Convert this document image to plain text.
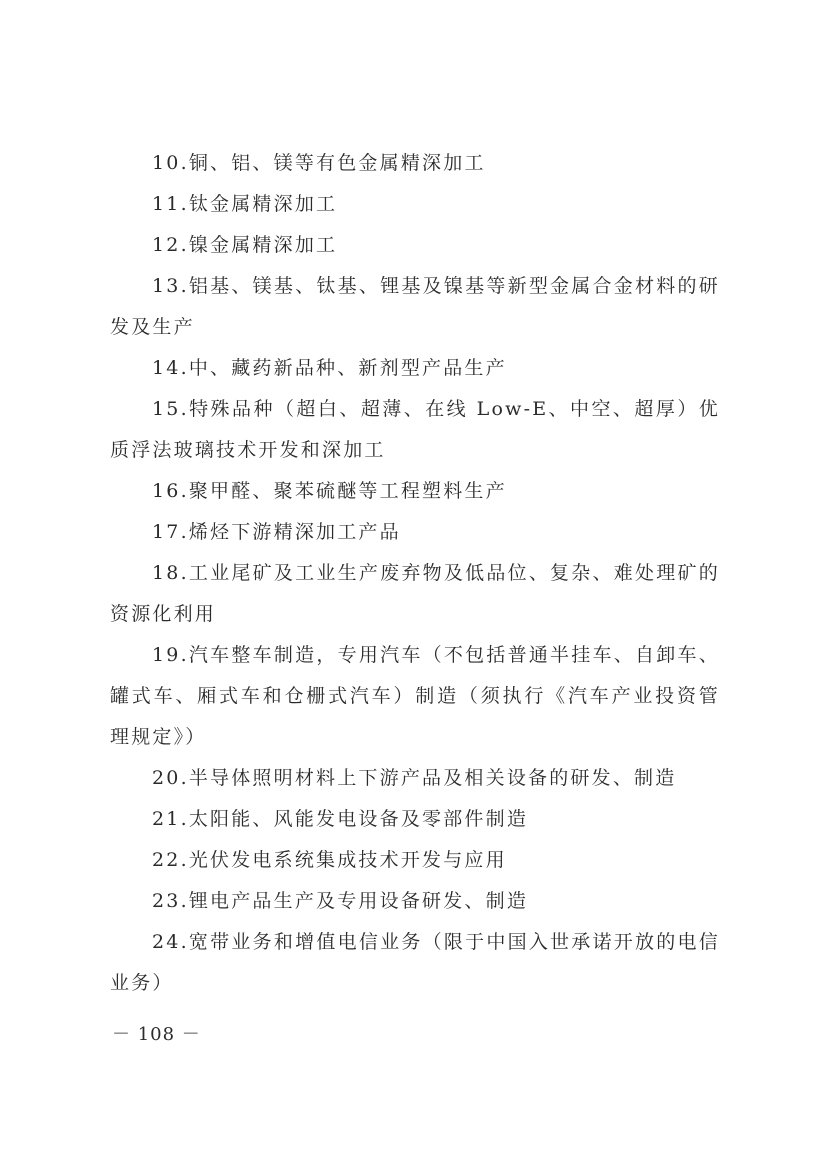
10.铜、铝、镁等有色金属精深加工

11.钛金属精深加工

12.镍金属精深加工

13.铝基、镁基、钛基、锂基及镍基等新型金属合金材料的研发及生产

14.中、藏药新品种、新剂型产品生产

15.特殊品种（超白、超薄、在线 Low-E、中空、超厚）优质浮法玻璃技术开发和深加工

16.聚甲醛、聚苯硫醚等工程塑料生产

17.烯烃下游精深加工产品

18.工业尾矿及工业生产废弃物及低品位、复杂、难处理矿的资源化利用

19.汽车整车制造，专用汽车（不包括普通半挂车、自卸车、罐式车、厢式车和仓栅式汽车）制造（须执行《汽车产业投资管理规定》）

20.半导体照明材料上下游产品及相关设备的研发、制造

21.太阳能、风能发电设备及零部件制造

22.光伏发电系统集成技术开发与应用

23.锂电产品生产及专用设备研发、制造

24.宽带业务和增值电信业务（限于中国入世承诺开放的电信业务）

－ 108 －
